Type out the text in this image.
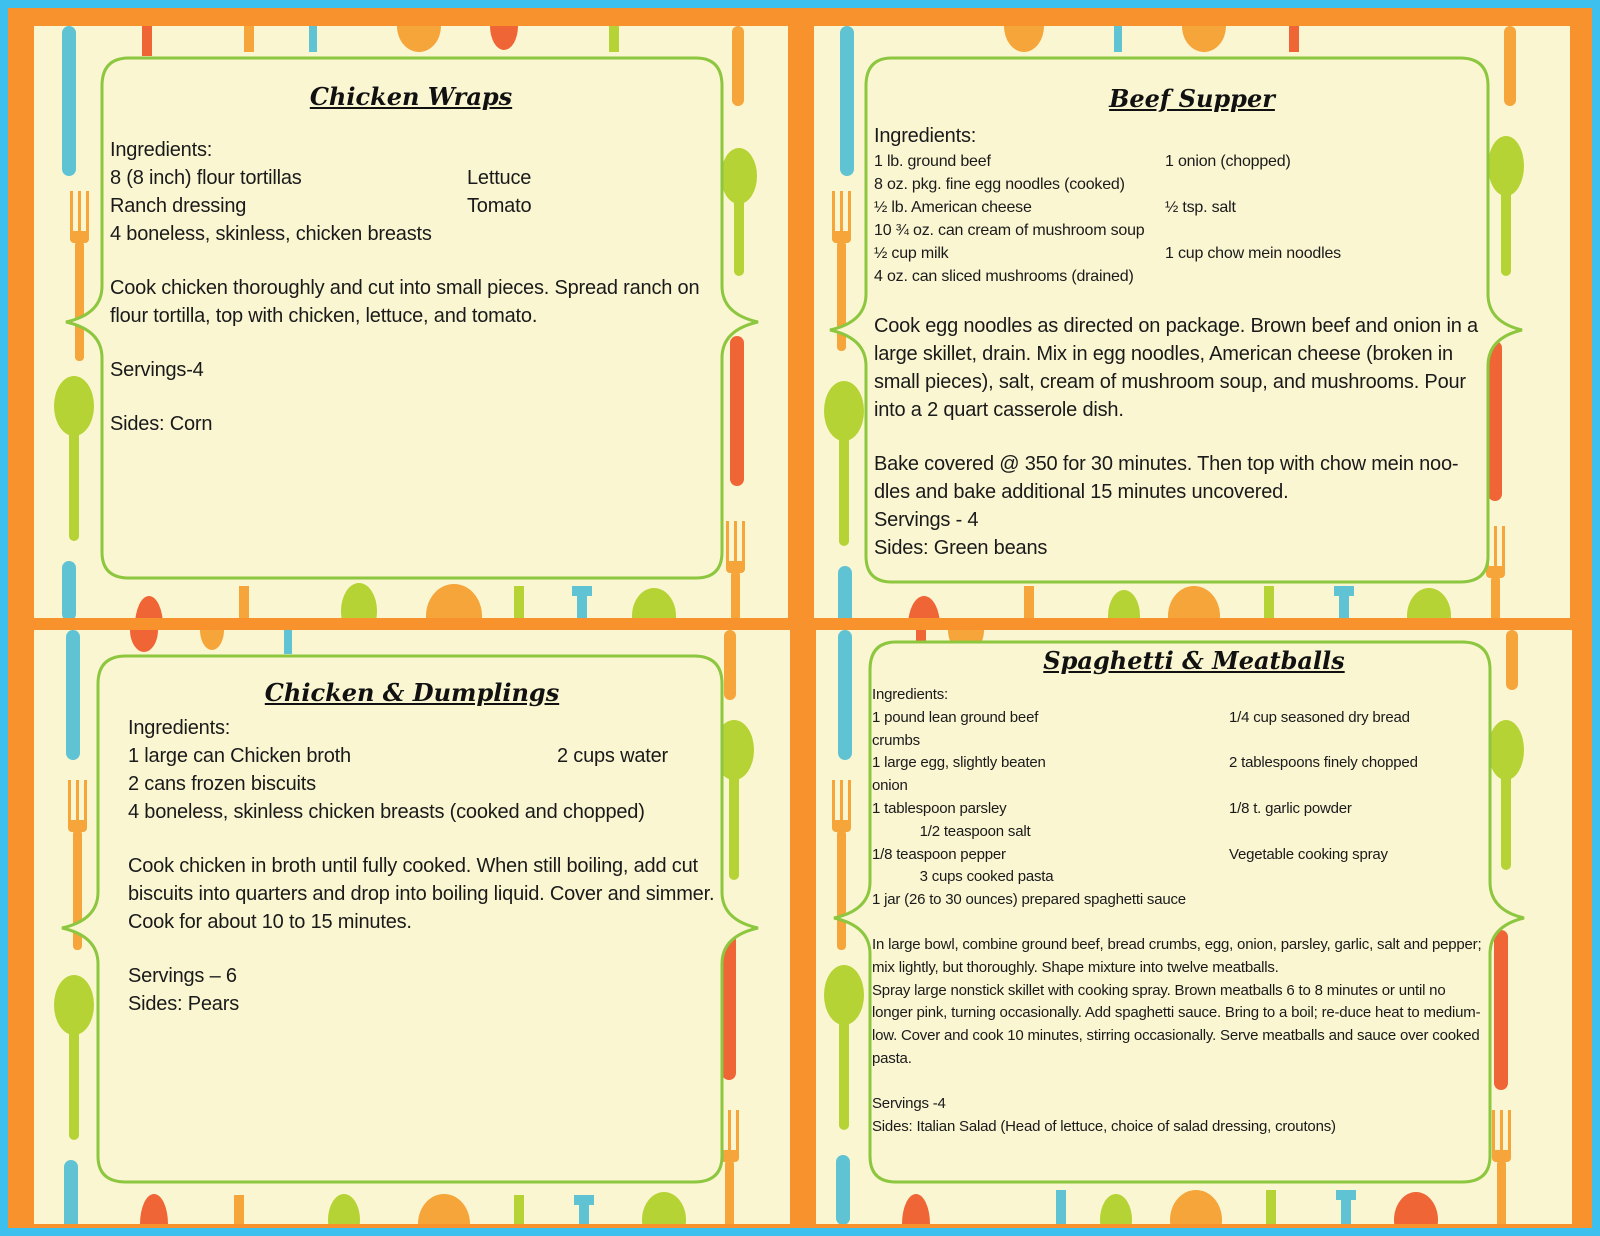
Chicken Wraps
Ingredients:
8 (8 inch) flour tortillas	Lettuce
Ranch dressing	Tomato
4 boneless, skinless, chicken breasts
Cook chicken thoroughly and cut into small pieces. Spread ranch on flour tortilla, top with chicken, lettuce, and tomato.
Servings-4
Sides: Corn
Beef Supper
Ingredients:
1 lb. ground beef	1 onion (chopped)
8 oz. pkg. fine egg noodles (cooked)
½ lb. American cheese	½ tsp. salt
10 ¾ oz. can cream of mushroom soup
½ cup milk	1 cup chow mein noodles
4 oz. can sliced mushrooms (drained)
Cook egg noodles as directed on package. Brown beef and onion in a large skillet, drain. Mix in egg noodles, American cheese (broken in small pieces), salt, cream of mushroom soup, and mushrooms. Pour into a 2 quart casserole dish.
Bake covered @ 350 for 30 minutes. Then top with chow mein noo-dles and bake additional 15 minutes uncovered.
Servings - 4
Sides: Green beans
Chicken & Dumplings
Ingredients:
1 large can Chicken broth	2 cups water
2 cans frozen biscuits
4 boneless, skinless chicken breasts (cooked and chopped)
Cook chicken in broth until fully cooked. When still boiling, add cut biscuits into quarters and drop into boiling liquid. Cover and simmer. Cook for about 10 to 15 minutes.
Servings – 6
Sides: Pears
Spaghetti & Meatballs
Ingredients:
1 pound lean ground beef	1/4 cup seasoned dry bread
crumbs
1 large egg, slightly beaten	2 tablespoons finely chopped
onion
1 tablespoon parsley	1/8 t. garlic powder
1/2 teaspoon salt
1/8 teaspoon pepper	Vegetable cooking spray
3 cups cooked pasta
1 jar (26 to 30 ounces) prepared spaghetti sauce
In large bowl, combine ground beef, bread crumbs, egg, onion, parsley, garlic, salt and pepper; mix lightly, but thoroughly. Shape mixture into twelve meatballs.
Spray large nonstick skillet with cooking spray. Brown meatballs 6 to 8 minutes or until no longer pink, turning occasionally. Add spaghetti sauce. Bring to a boil; re-duce heat to medium-low. Cover and cook 10 minutes, stirring occasionally. Serve meatballs and sauce over cooked pasta.
Servings -4
Sides: Italian Salad (Head of lettuce, choice of salad dressing, croutons)
